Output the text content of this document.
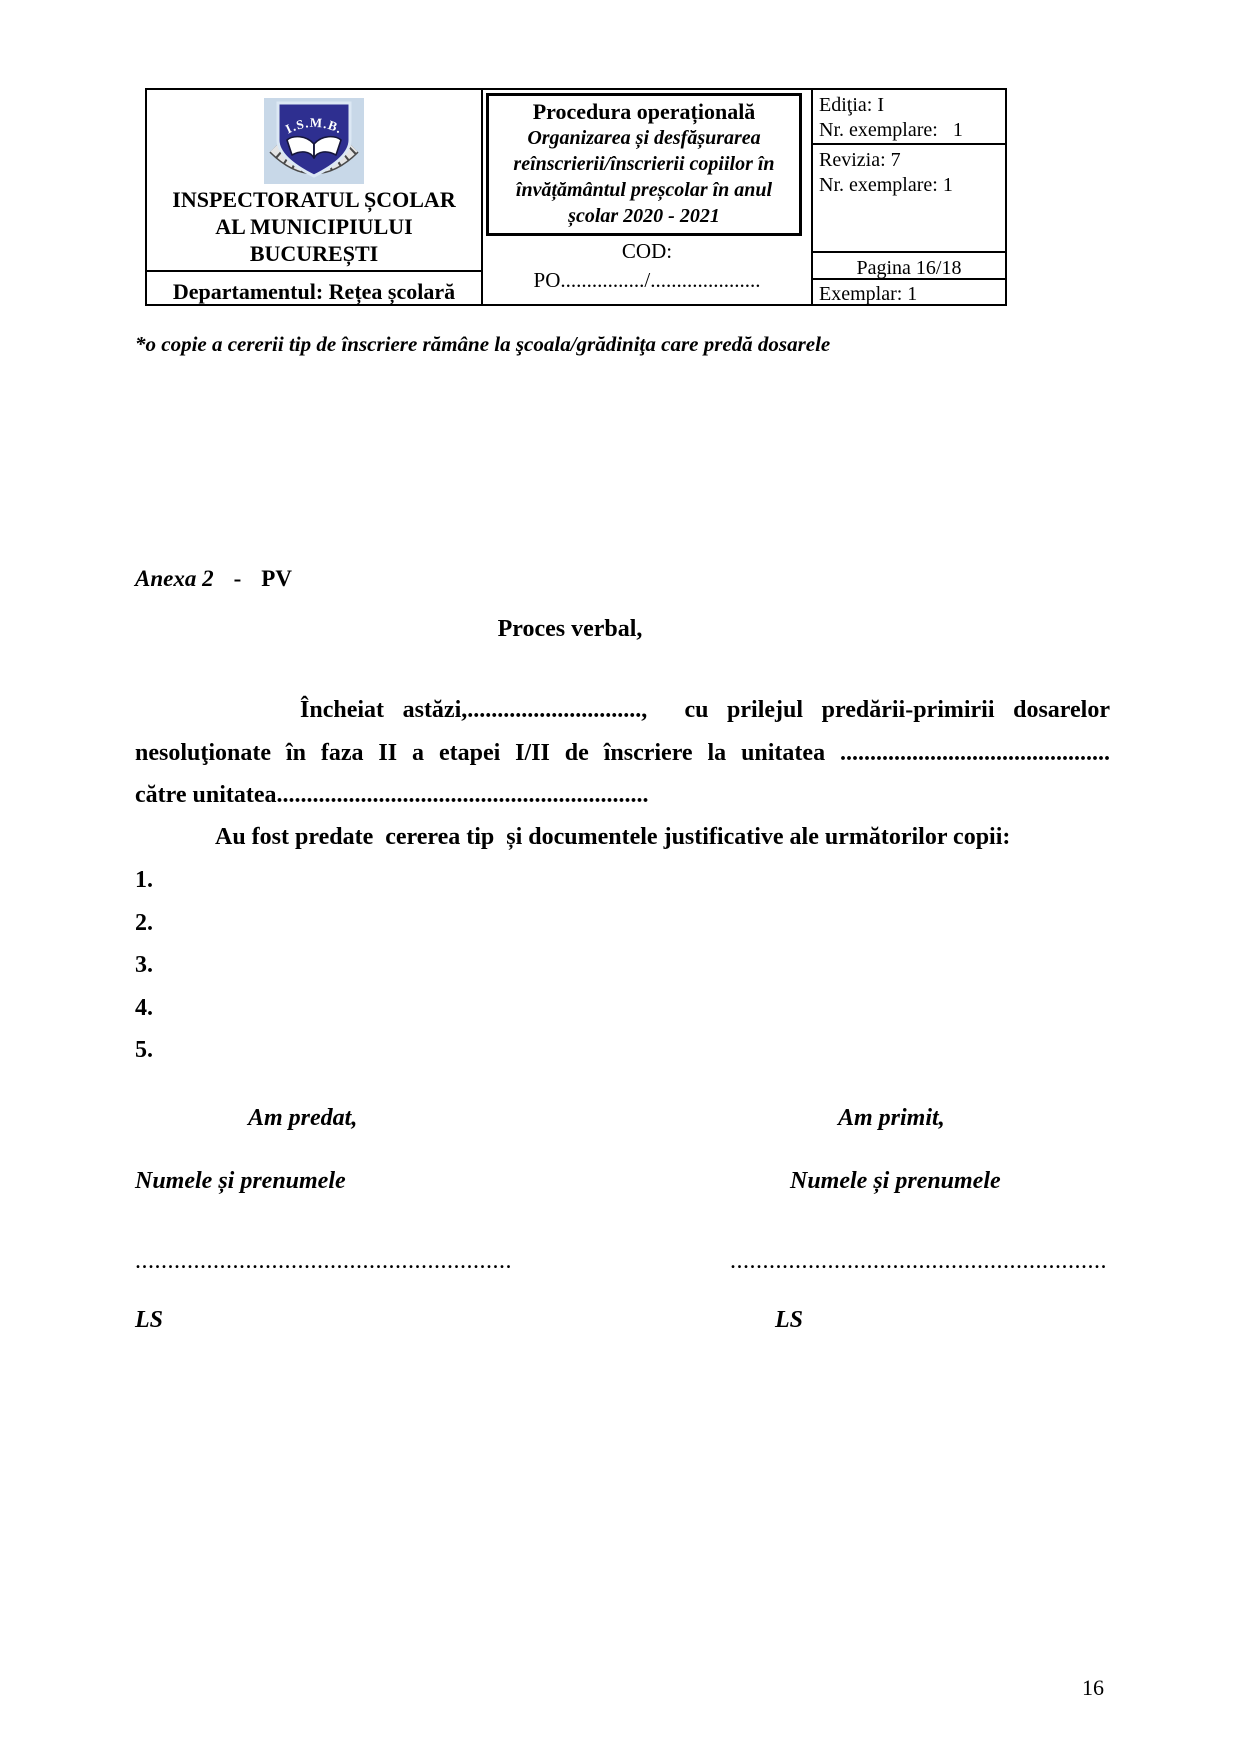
I.S.M.B.
INSPECTORATUL ȘCOLAR
AL MUNICIPIULUI
BUCUREȘTI
Departamentul: Rețea școlară
Procedura operațională
Organizarea și desfășurarea
reînscrierii/înscrierii copiilor în
învățământul preșcolar în anul
școlar 2020 - 2021
COD:
PO................/.....................
Ediţia: I
Nr. exemplare:   1
Revizia: 7
Nr. exemplare: 1
Pagina 16/18
Exemplar: 1
*o copie a cererii tip de înscriere rămâne la şcoala/grădiniţa care predă dosarele
Anexa 2 - PV
Proces verbal,
Încheiat astăzi,.............................,  cu prilejul predării-primirii dosarelor
nesoluţionate în faza II a etapei I/II de înscriere la unitatea .............................................
către unitatea..............................................................
Au fost predate  cererea tip  și documentele justificative ale următorilor copii:
1.
2.
3.
4.
5.
Am predat,	Am primit,
Numele și prenumele	Numele și prenumele
..........................................................	..........................................................
LS	LS
16
